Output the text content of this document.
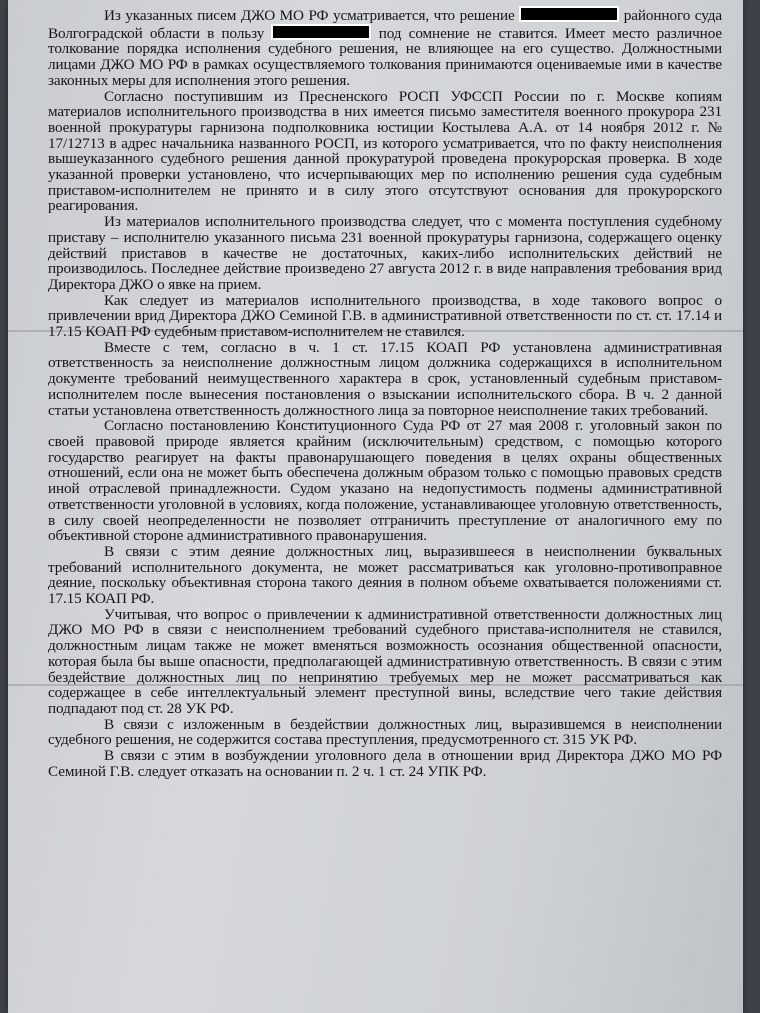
Из указанных писем ДЖО МО РФ усматривается, что решение	районного суда Волгоградской области в пользу	под сомнение не ставится. Имеет место различное толкование порядка исполнения судебного решения, не влияющее на его существо. Должностными лицами ДЖО МО РФ в рамках осуществляемого толкования принимаются оцениваемые ими в качестве законных меры для исполнения этого решения.

Согласно поступившим из Пресненского РОСП УФССП России по г. Москве копиям материалов исполнительного производства в них имеется письмо заместителя военного прокурора 231 военной прокуратуры гарнизона подполковника юстиции Костылева А.А. от 14 ноября 2012 г. № 17/12713 в адрес начальника названного РОСП, из которого усматривается, что по факту неисполнения вышеуказанного судебного решения данной прокуратурой проведена прокурорская проверка. В ходе указанной проверки установлено, что исчерпывающих мер по исполнению решения суда судебным приставом-исполнителем не принято и в силу этого отсутствуют основания для прокурорского реагирования.

Из материалов исполнительного производства следует, что с момента поступления судебному приставу – исполнителю указанного письма 231 военной прокуратуры гарнизона, содержащего оценку действий приставов в качестве не достаточных, каких-либо исполнительских действий не производилось. Последнее действие произведено 27 августа 2012 г. в виде направления требования врид Директора ДЖО о явке на прием.

Как следует из материалов исполнительного производства, в ходе такового вопрос о привлечении врид Директора ДЖО Семиной Г.В. в административной ответственности по ст. ст. 17.14 и 17.15 КОАП РФ судебным приставом-исполнителем не ставился.

Вместе с тем, согласно в ч. 1 ст. 17.15 КОАП РФ установлена административная ответственность за неисполнение должностным лицом должника содержащихся в исполнительном документе требований неимущественного характера в срок, установленный судебным приставом-исполнителем после вынесения постановления о взыскании исполнительского сбора. В ч. 2 данной статьи установлена ответственность должностного лица за повторное неисполнение таких требований.

Согласно постановлению Конституционного Суда РФ от 27 мая 2008 г. уголовный закон по своей правовой природе является крайним (исключительным) средством, с помощью которого государство реагирует на факты правонарушающего поведения в целях охраны общественных отношений, если она не может быть обеспечена должным образом только с помощью правовых средств иной отраслевой принадлежности. Судом указано на недопустимость подмены административной ответственности уголовной в условиях, когда положение, устанавливающее уголовную ответственность, в силу своей неопределенности не позволяет отграничить преступление от аналогичного ему по объективной стороне административного правонарушения.

В связи с этим деяние должностных лиц, выразившееся в неисполнении буквальных требований исполнительного документа, не может рассматриваться как уголовно-противоправное деяние, поскольку объективная сторона такого деяния в полном объеме охватывается положениями ст. 17.15 КОАП РФ.

Учитывая, что вопрос о привлечении к административной ответственности должностных лиц ДЖО МО РФ в связи с неисполнением требований судебного пристава-исполнителя не ставился, должностным лицам также не может вменяться возможность осознания общественной опасности, которая была бы выше опасности, предполагающей административную ответственность. В связи с этим бездействие должностных лиц по непринятию требуемых мер не может рассматриваться как содержащее в себе интеллектуальный элемент преступной вины, вследствие чего такие действия подпадают под ст. 28 УК РФ.

В связи с изложенным в бездействии должностных лиц, выразившемся в неисполнении судебного решения, не содержится состава преступления, предусмотренного ст. 315 УК РФ.

В связи с этим в возбуждении уголовного дела в отношении врид Директора ДЖО МО РФ Семиной Г.В. следует отказать на основании п. 2 ч. 1 ст. 24 УПК РФ.
